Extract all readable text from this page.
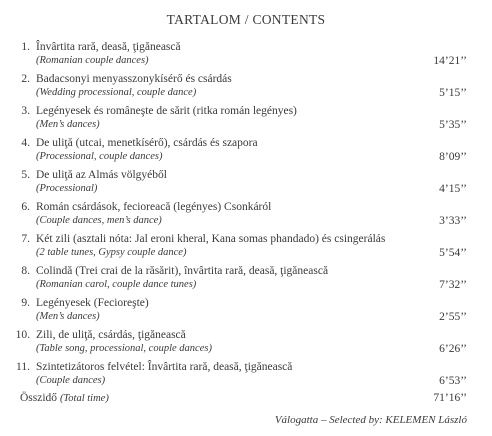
TARTALOM / CONTENTS
1. Învârtita rară, deasă, ţigănească
(Romanian couple dances)	14’21’’
2. Badacsonyi menyasszonykísérő és csárdás
(Wedding processional, couple dance)	5’15’’
3. Legényesek és româneşte de sărit (ritka román legényes)
(Men’s dances)	5’35’’
4. De uliţă (utcai, menetkísérő), csárdás és szapora
(Processional, couple dances)	8’09’’
5. De uliţă az Almás völgyéből
(Processional)	4’15’’
6. Román csárdások, fecioreacă (legényes) Csonkáról
(Couple dances, men’s dance)	3’33’’
7. Két zili (asztali nóta: Jal eroni kheral, Kana somas phandado) és csingerálás
(2 table tunes, Gypsy couple dance)	5’54’’
8. Colindă (Trei crai de la răsărit), învârtita rară, deasă, ţigănească
(Romanian carol, couple dance tunes)	7’32’’
9. Legényesek (Fecioreşte)
(Men’s dances)	2’55’’
10. Zili, de uliţă, csárdás, ţigănească
(Table song, processional, couple dances)	6’26’’
11. Szintetizátoros felvétel: Învârtita rară, deasă, ţigănească
(Couple dances)	6’53’’
Összidő (Total time)	71’16’’
Válogatta – Selected by: KELEMEN László
